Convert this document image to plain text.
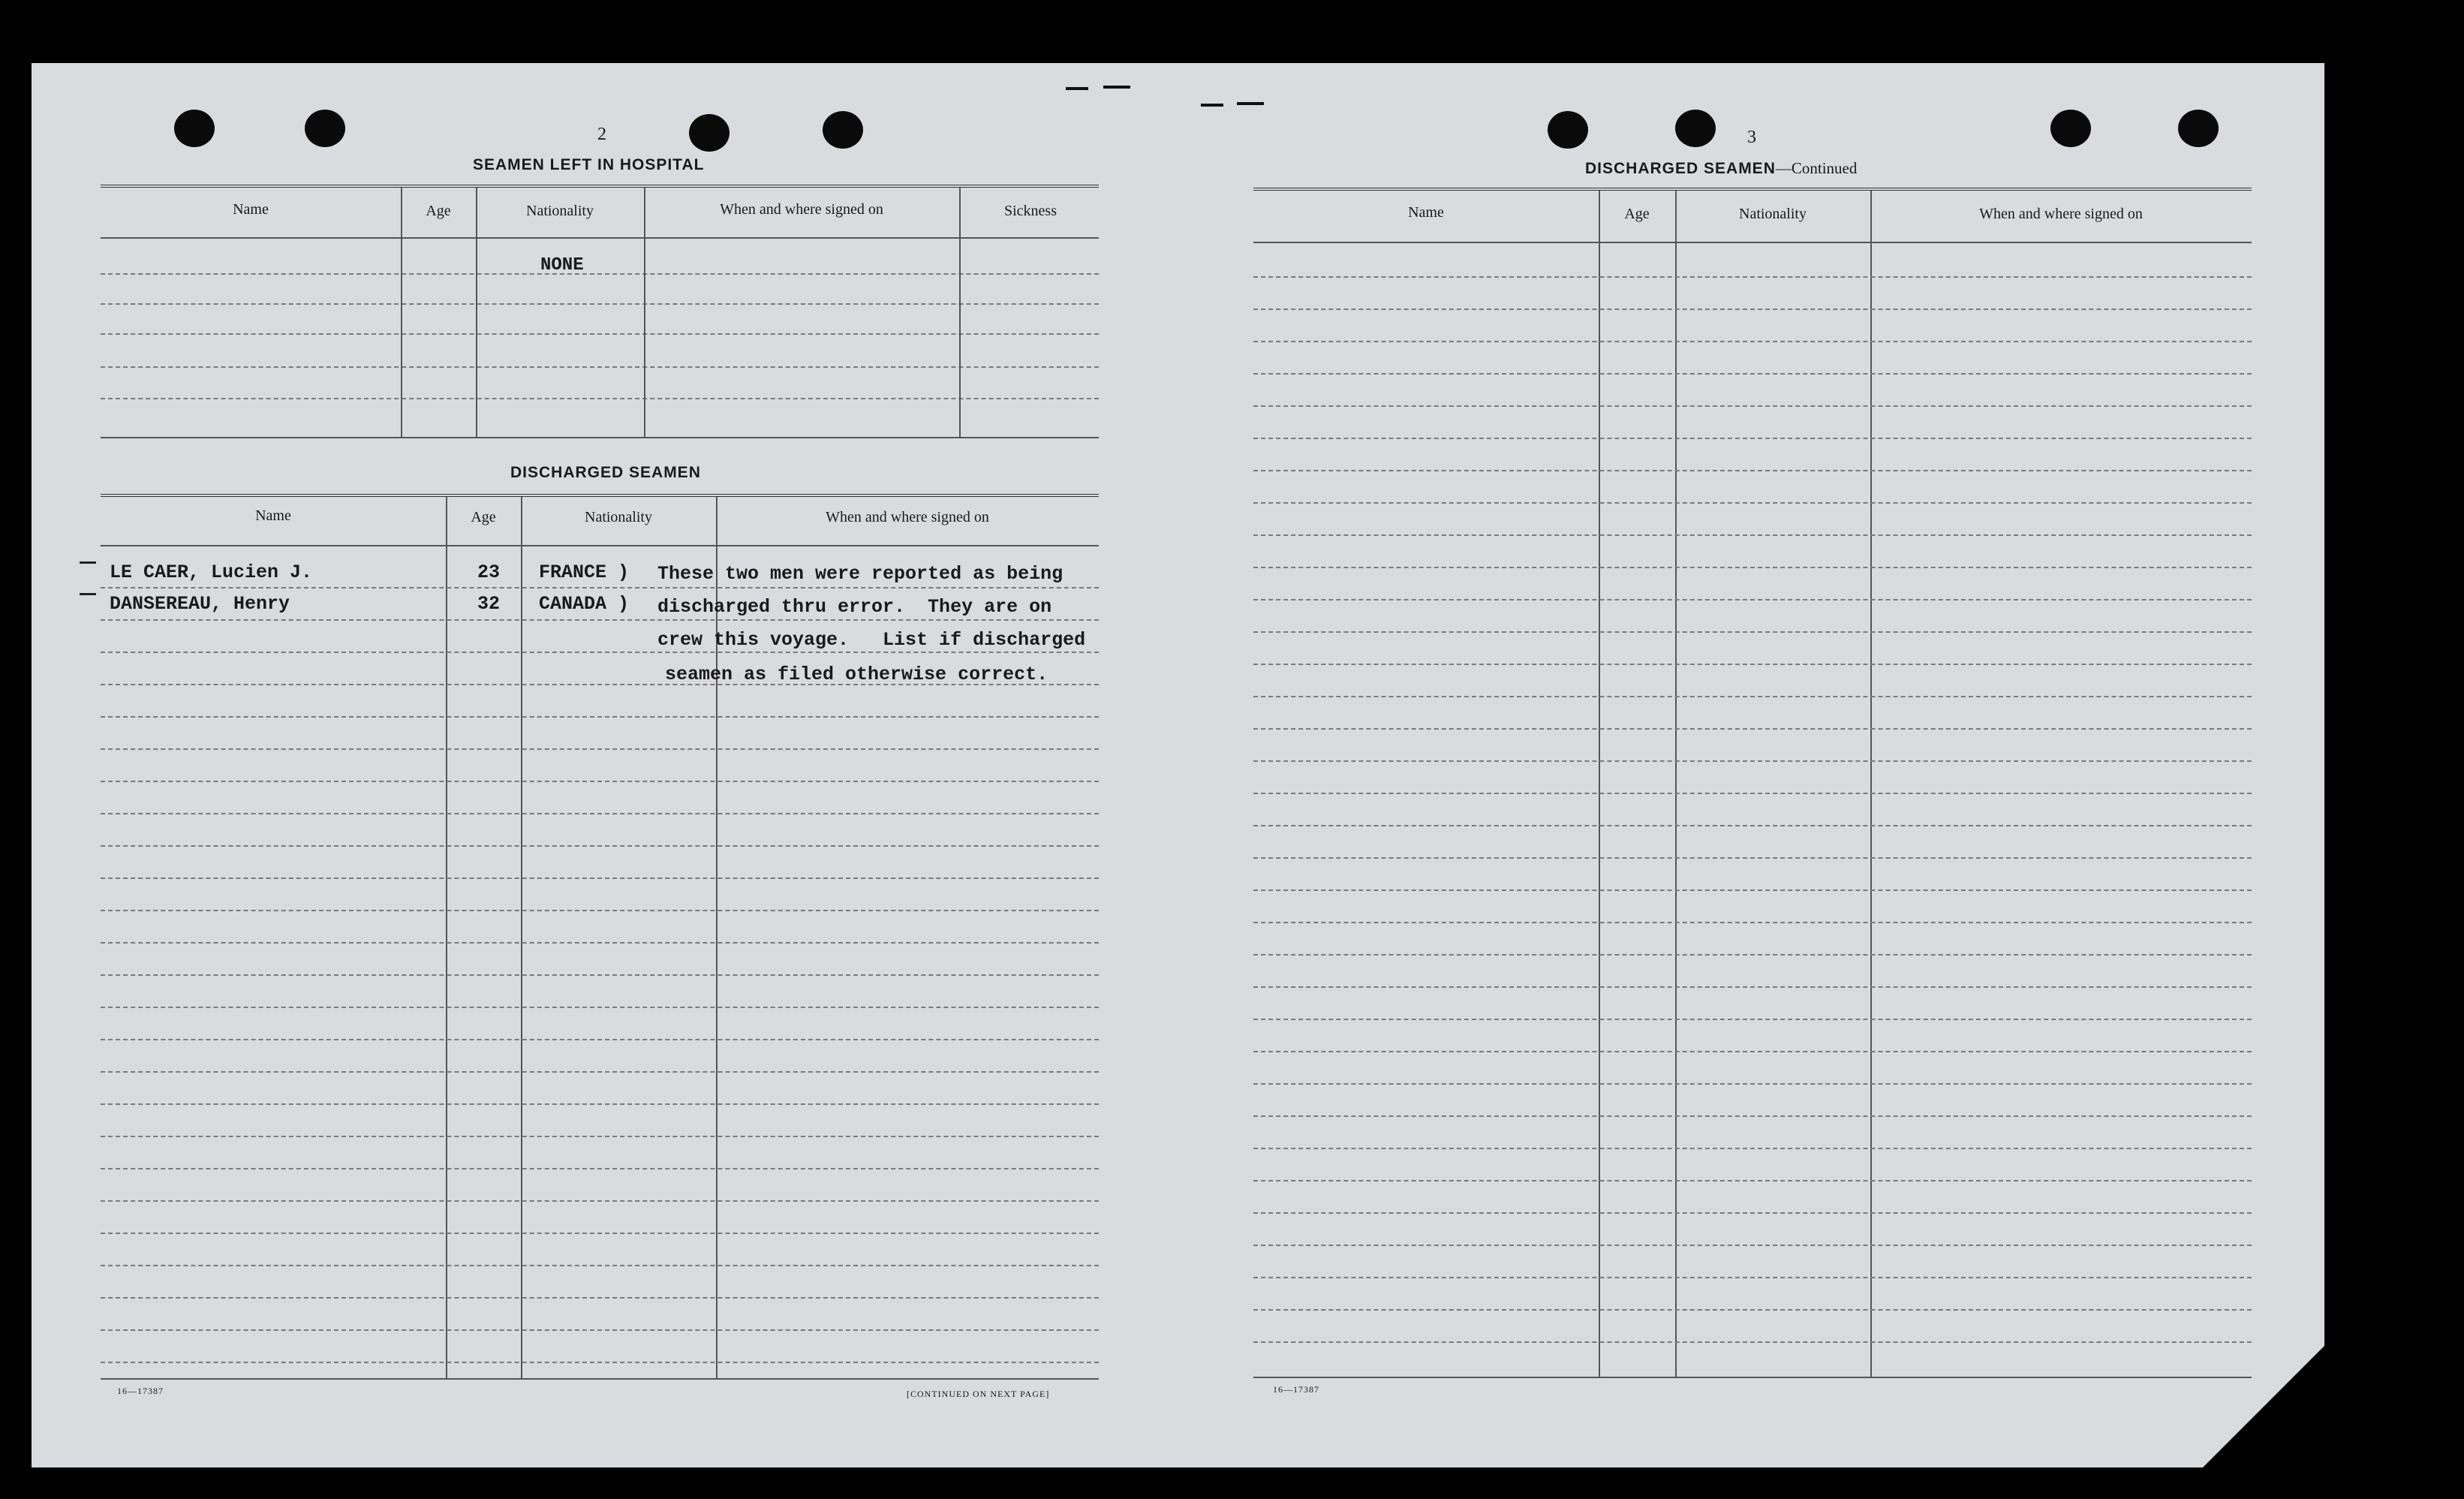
2
SEAMEN LEFT IN HOSPITAL
Name	Age	Nationality	When and where signed on	Sickness
NONE
DISCHARGED SEAMEN
Name	Age	Nationality	When and where signed on
LE CAER, Lucien J.	23 FRANCE )
DANSEREAU, Henry	32 CANADA )
These two men were reported as being
discharged thru error.  They are on
crew this voyage.   List if discharged
seamen as filed otherwise correct.
16—17387	[CONTINUED ON NEXT PAGE]
3
DISCHARGED SEAMEN—Continued
Name	Age	Nationality	When and where signed on
16—17387
